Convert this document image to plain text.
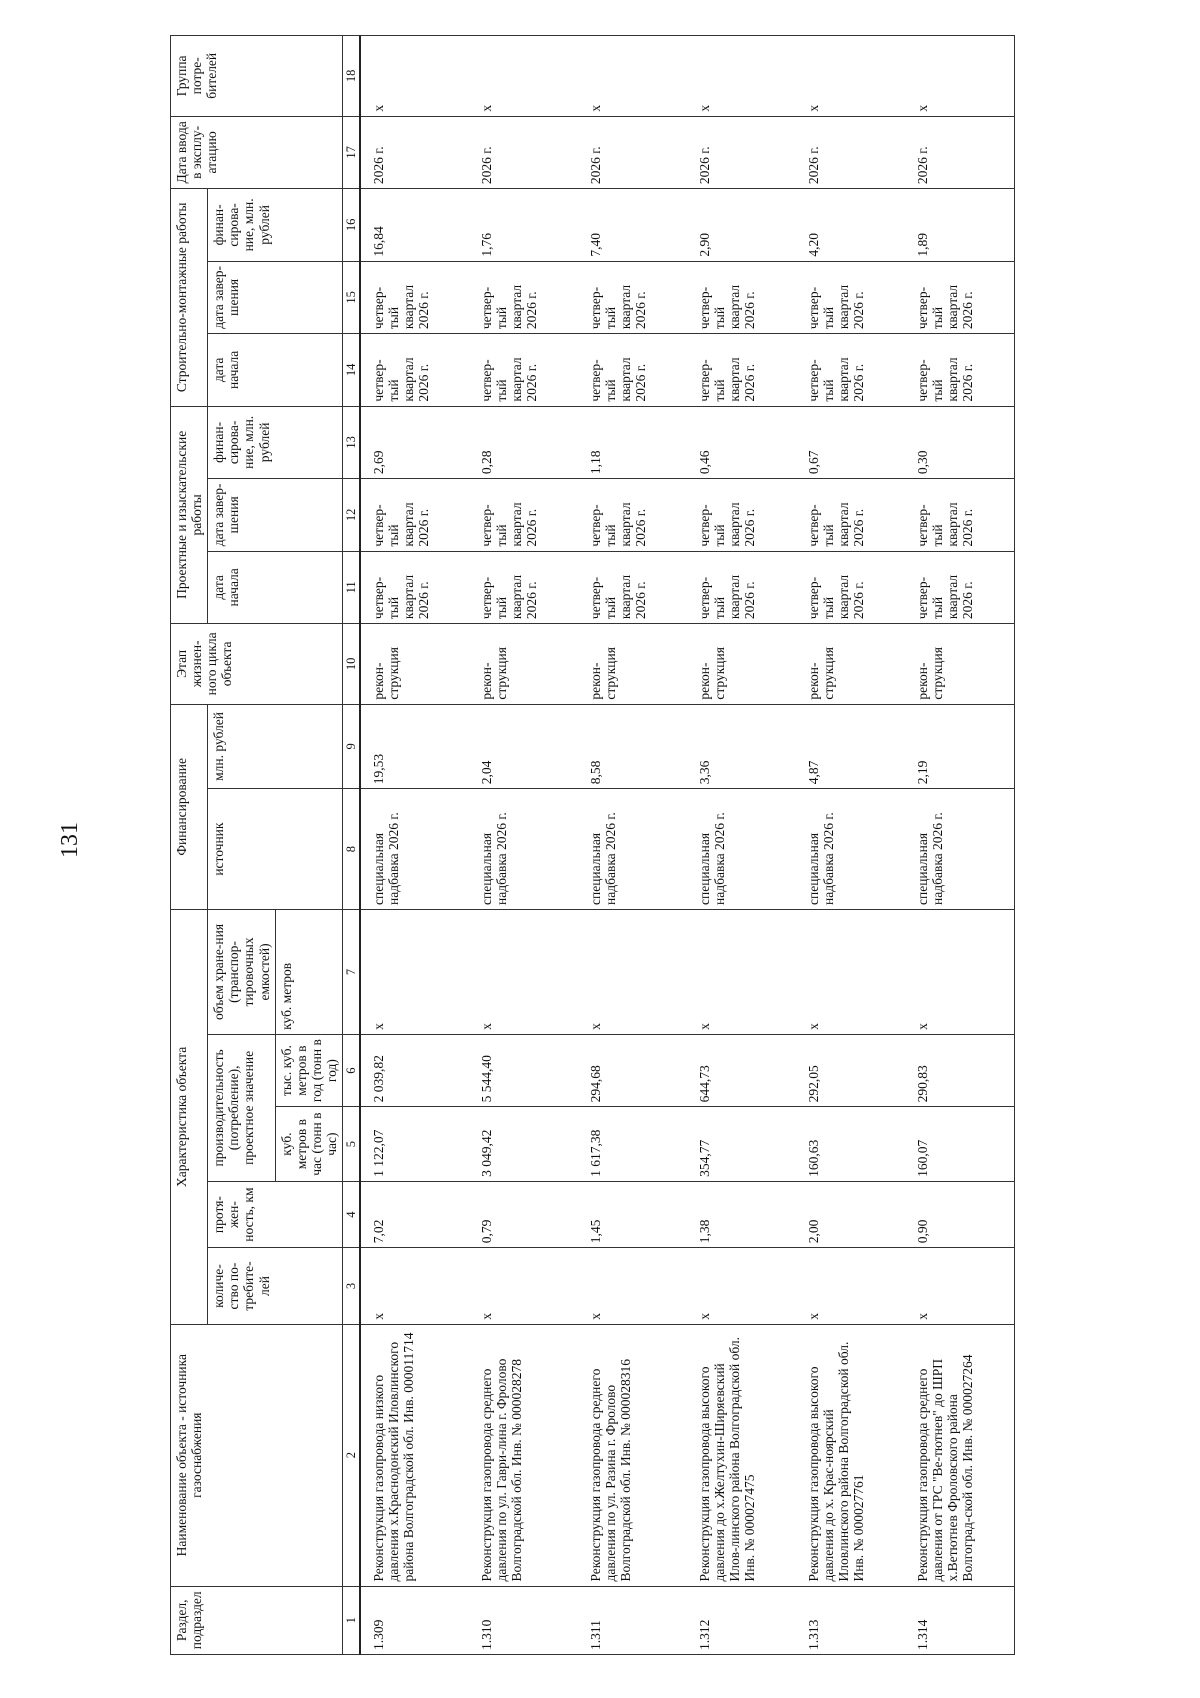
131
Раздел, подраздел	Наименование объекта - источника газоснабжения	Характеристика объекта					Финансирование		Этап жизнен-ного цикла объекта	Проектные и изыскательские работы			Строительно-монтажные работы			Дата ввода в эксплу-атацию	Группа потре-бителей
		количе-ство по-требите-лей	протя-жен-ность, км	производительность (потребление), проектное значение		объем хране-ния (транспор-тировочных емкостей)	источник	млн. рублей		дата начала	дата завер-шения	финан-сирова-ние, млн. рублей	дата начала	дата завер-шения	финан-сирова-ние, млн. рублей		
				куб. метров в час (тонн в час)	тыс. куб. метров в год (тонн в год)	куб. метров											
1	2	3	4	5	6	7	8	9	10	11	12	13	14	15	16	17	18
1.309	Реконструкция газопровода низкого давления х.Краснодонский Иловлинского района Волгоградской обл. Инв. 000011714	х	7,02	1 122,07	2 039,82	х	специальная надбавка 2026 г.	19,53	рекон-струкция	четвер-тый квартал 2026 г.	четвер-тый квартал 2026 г.	2,69	четвер-тый квартал 2026 г.	четвер-тый квартал 2026 г.	16,84	2026 г.	х
1.310	Реконструкция газопровода среднего давления по ул. Гаври-лина г. Фролово Волгоградской обл. Инв. № 000028278	х	0,79	3 049,42	5 544,40	х	специальная надбавка 2026 г.	2,04	рекон-струкция	четвер-тый квартал 2026 г.	четвер-тый квартал 2026 г.	0,28	четвер-тый квартал 2026 г.	четвер-тый квартал 2026 г.	1,76	2026 г.	х
1.311	Реконструкция газопровода среднего давления по ул. Разина г. Фролово Волгоградской обл. Инв. № 000028316	х	1,45	1 617,38	294,68	х	специальная надбавка 2026 г.	8,58	рекон-струкция	четвер-тый квартал 2026 г.	четвер-тый квартал 2026 г.	1,18	четвер-тый квартал 2026 г.	четвер-тый квартал 2026 г.	7,40	2026 г.	х
1.312	Реконструкция газопровода высокого давления до х.Желтухин-Ширяевский Илов-линского района Волгоградской обл. Инв. № 000027475	х	1,38	354,77	644,73	х	специальная надбавка 2026 г.	3,36	рекон-струкция	четвер-тый квартал 2026 г.	четвер-тый квартал 2026 г.	0,46	четвер-тый квартал 2026 г.	четвер-тый квартал 2026 г.	2,90	2026 г.	х
1.313	Реконструкция газопровода высокого давления до х. Крас-ноярский Иловлинского района Волгоградской обл. Инв. № 000027761	х	2,00	160,63	292,05	х	специальная надбавка 2026 г.	4,87	рекон-струкция	четвер-тый квартал 2026 г.	четвер-тый квартал 2026 г.	0,67	четвер-тый квартал 2026 г.	четвер-тый квартал 2026 г.	4,20	2026 г.	х
1.314	Реконструкция газопровода среднего давления от ГРС "Ве-тютнев" до ШРП х.Ветютнев Фроловского района Волгоград-ской обл. Инв. № 000027264	х	0,90	160,07	290,83	х	специальная надбавка 2026 г.	2,19	рекон-струкция	четвер-тый квартал 2026 г.	четвер-тый квартал 2026 г.	0,30	четвер-тый квартал 2026 г.	четвер-тый квартал 2026 г.	1,89	2026 г.	х
